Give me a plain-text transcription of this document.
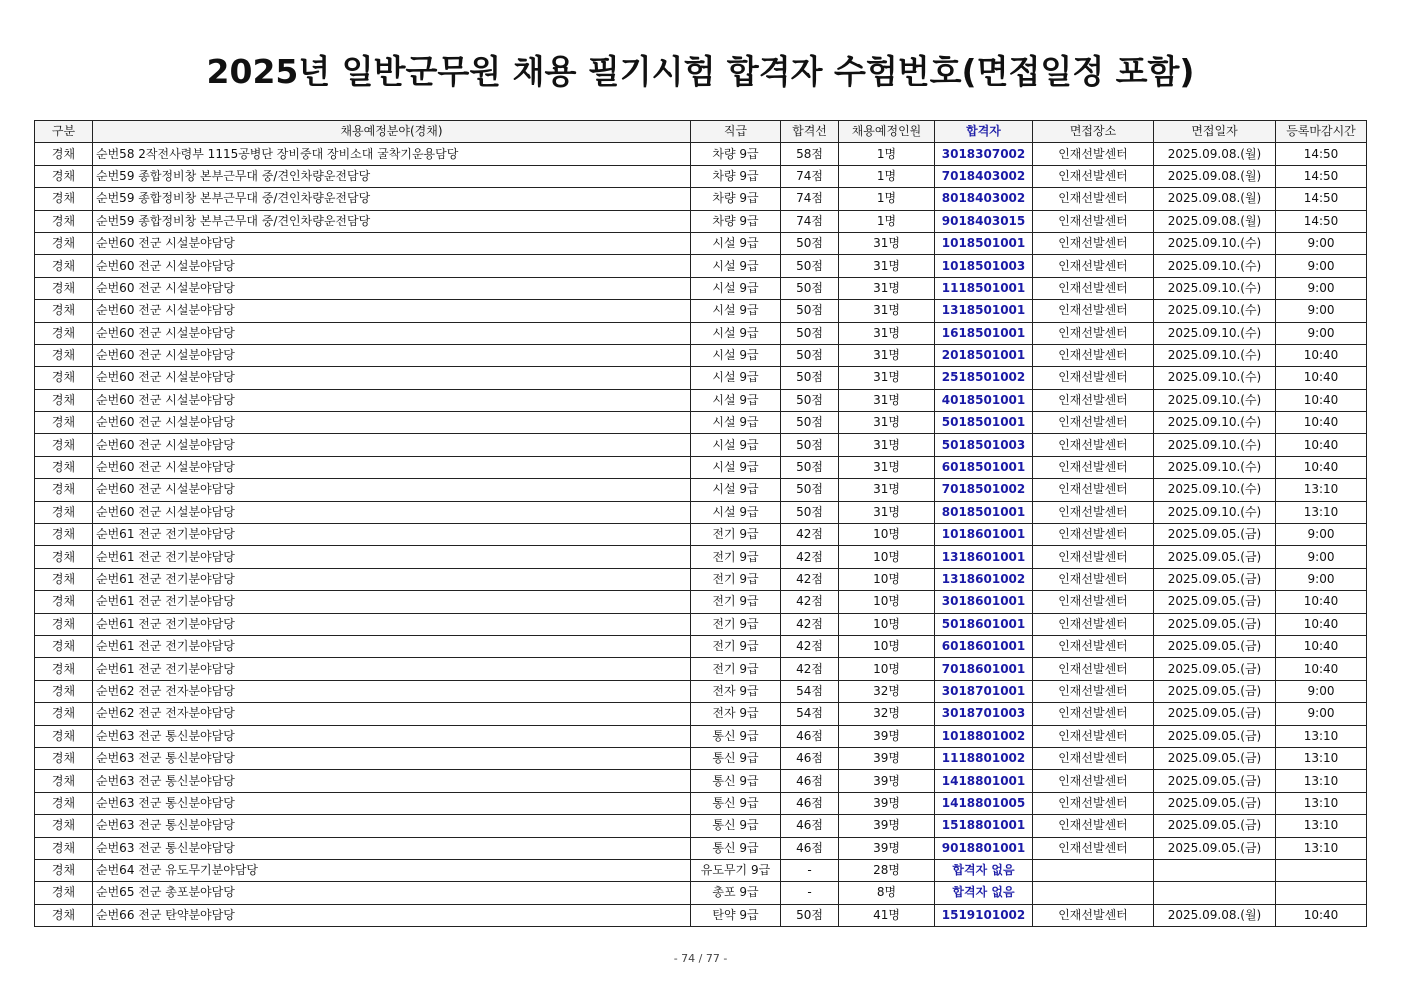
2025년 일반군무원 채용 필기시험 합격자 수험번호(면접일정 포함)
구분	채용예정분야(경채)	직급	합격선	채용예정인원	합격자	면접장소	면접일자	등록마감시간
경채	순번58 2작전사령부 1115공병단 장비중대 장비소대 굴착기운용담당	차량 9급	58점	1명	3018307002	인재선발센터	2025.09.08.(월)	14:50
경채	순번59 종합정비창 본부근무대 중/견인차량운전담당	차량 9급	74점	1명	7018403002	인재선발센터	2025.09.08.(월)	14:50
경채	순번59 종합정비창 본부근무대 중/견인차량운전담당	차량 9급	74점	1명	8018403002	인재선발센터	2025.09.08.(월)	14:50
경채	순번59 종합정비창 본부근무대 중/견인차량운전담당	차량 9급	74점	1명	9018403015	인재선발센터	2025.09.08.(월)	14:50
경채	순번60 전군 시설분야담당	시설 9급	50점	31명	1018501001	인재선발센터	2025.09.10.(수)	9:00
경채	순번60 전군 시설분야담당	시설 9급	50점	31명	1018501003	인재선발센터	2025.09.10.(수)	9:00
경채	순번60 전군 시설분야담당	시설 9급	50점	31명	1118501001	인재선발센터	2025.09.10.(수)	9:00
경채	순번60 전군 시설분야담당	시설 9급	50점	31명	1318501001	인재선발센터	2025.09.10.(수)	9:00
경채	순번60 전군 시설분야담당	시설 9급	50점	31명	1618501001	인재선발센터	2025.09.10.(수)	9:00
경채	순번60 전군 시설분야담당	시설 9급	50점	31명	2018501001	인재선발센터	2025.09.10.(수)	10:40
경채	순번60 전군 시설분야담당	시설 9급	50점	31명	2518501002	인재선발센터	2025.09.10.(수)	10:40
경채	순번60 전군 시설분야담당	시설 9급	50점	31명	4018501001	인재선발센터	2025.09.10.(수)	10:40
경채	순번60 전군 시설분야담당	시설 9급	50점	31명	5018501001	인재선발센터	2025.09.10.(수)	10:40
경채	순번60 전군 시설분야담당	시설 9급	50점	31명	5018501003	인재선발센터	2025.09.10.(수)	10:40
경채	순번60 전군 시설분야담당	시설 9급	50점	31명	6018501001	인재선발센터	2025.09.10.(수)	10:40
경채	순번60 전군 시설분야담당	시설 9급	50점	31명	7018501002	인재선발센터	2025.09.10.(수)	13:10
경채	순번60 전군 시설분야담당	시설 9급	50점	31명	8018501001	인재선발센터	2025.09.10.(수)	13:10
경채	순번61 전군 전기분야담당	전기 9급	42점	10명	1018601001	인재선발센터	2025.09.05.(금)	9:00
경채	순번61 전군 전기분야담당	전기 9급	42점	10명	1318601001	인재선발센터	2025.09.05.(금)	9:00
경채	순번61 전군 전기분야담당	전기 9급	42점	10명	1318601002	인재선발센터	2025.09.05.(금)	9:00
경채	순번61 전군 전기분야담당	전기 9급	42점	10명	3018601001	인재선발센터	2025.09.05.(금)	10:40
경채	순번61 전군 전기분야담당	전기 9급	42점	10명	5018601001	인재선발센터	2025.09.05.(금)	10:40
경채	순번61 전군 전기분야담당	전기 9급	42점	10명	6018601001	인재선발센터	2025.09.05.(금)	10:40
경채	순번61 전군 전기분야담당	전기 9급	42점	10명	7018601001	인재선발센터	2025.09.05.(금)	10:40
경채	순번62 전군 전자분야담당	전자 9급	54점	32명	3018701001	인재선발센터	2025.09.05.(금)	9:00
경채	순번62 전군 전자분야담당	전자 9급	54점	32명	3018701003	인재선발센터	2025.09.05.(금)	9:00
경채	순번63 전군 통신분야담당	통신 9급	46점	39명	1018801002	인재선발센터	2025.09.05.(금)	13:10
경채	순번63 전군 통신분야담당	통신 9급	46점	39명	1118801002	인재선발센터	2025.09.05.(금)	13:10
경채	순번63 전군 통신분야담당	통신 9급	46점	39명	1418801001	인재선발센터	2025.09.05.(금)	13:10
경채	순번63 전군 통신분야담당	통신 9급	46점	39명	1418801005	인재선발센터	2025.09.05.(금)	13:10
경채	순번63 전군 통신분야담당	통신 9급	46점	39명	1518801001	인재선발센터	2025.09.05.(금)	13:10
경채	순번63 전군 통신분야담당	통신 9급	46점	39명	9018801001	인재선발센터	2025.09.05.(금)	13:10
경채	순번64 전군 유도무기분야담당	유도무기 9급	-	28명	합격자 없음			
경채	순번65 전군 총포분야담당	총포 9급	-	8명	합격자 없음			
경채	순번66 전군 탄약분야담당	탄약 9급	50점	41명	1519101002	인재선발센터	2025.09.08.(월)	10:40
- 74 / 77 -
